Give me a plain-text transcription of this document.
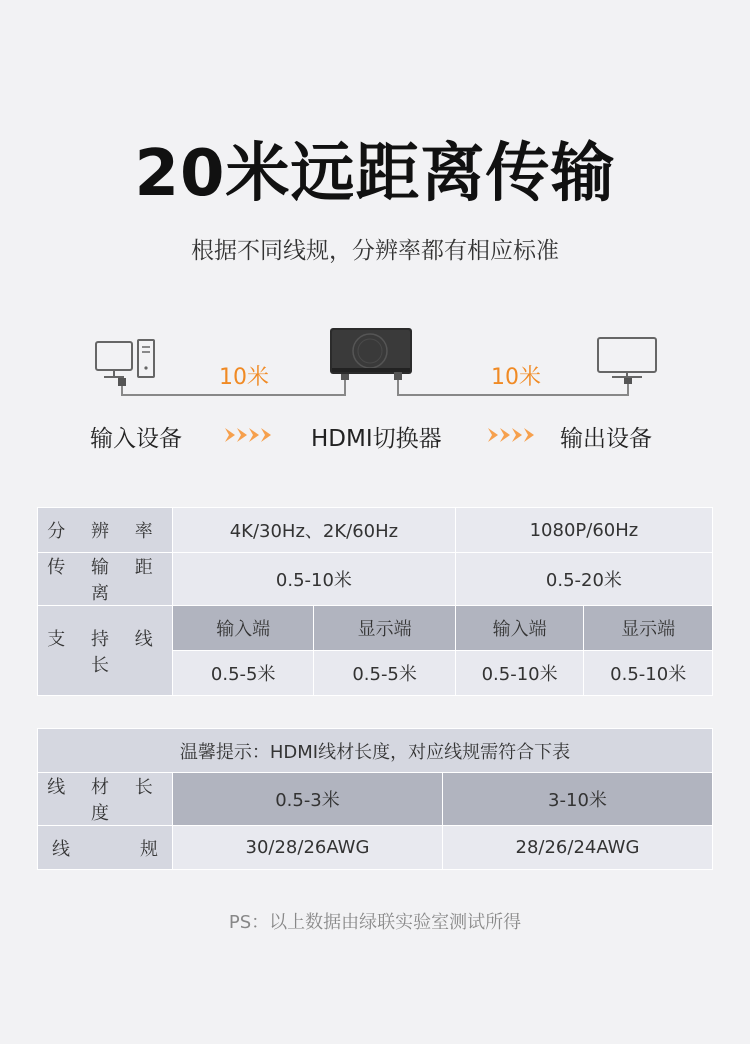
20米远距离传输
根据不同线规，分辨率都有相应标准
10米	10米
输入设备	HDMI切换器	输出设备
分 辨 率	4K/30Hz、2K/60Hz		1080P/60Hz	
传 输 距 离	0.5-10米		0.5-20米	
支 持 线 长	输入端	显示端	输入端	显示端
	0.5-5米	0.5-5米	0.5-10米	0.5-10米
温馨提示：HDMI线材长度，对应线规需符合下表		
线 材 长 度	0.5-3米	3-10米

线 规	30/28/26AWG	28/26/24AWG
PS：以上数据由绿联实验室测试所得
